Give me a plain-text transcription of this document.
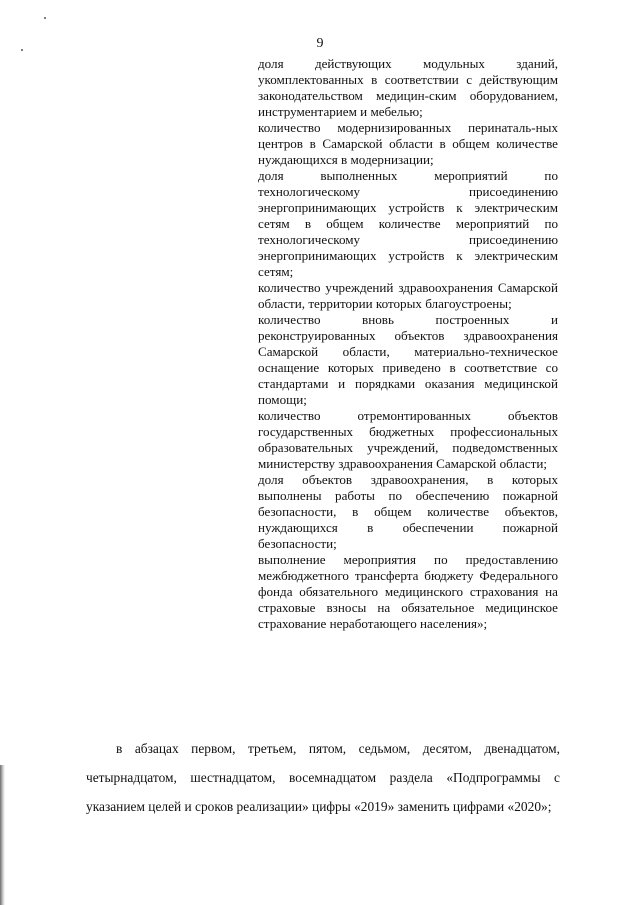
9

доля действующих модульных зданий, укомплектованных в соответствии с действующим законодательством медицин-ским оборудованием, инструментарием и мебелью;

количество модернизированных перинаталь-ных центров в Самарской области в общем количестве нуждающихся в модернизации;

доля выполненных мероприятий по технологическому присоединению энергопринимающих устройств к электрическим сетям в общем количестве мероприятий по технологическому присоединению энергопринимающих устройств к электрическим сетям;

количество учреждений здравоохранения Самарской области, территории которых благоустроены;

количество вновь построенных и реконструированных объектов здравоохранения Самарской области, материально-техническое оснащение которых приведено в соответствие со стандартами и порядками оказания медицинской помощи;

количество отремонтированных объектов государственных бюджетных профессиональных образовательных учреждений, подведомственных министерству здравоохранения Самарской области;

доля объектов здравоохранения, в которых выполнены работы по обеспечению пожарной безопасности, в общем количестве объектов, нуждающихся в обеспечении пожарной безопасности;

выполнение мероприятия по предоставлению межбюджетного трансферта бюджету Федерального фонда обязательного медицинского страхования на страховые взносы на обязательное медицинское страхование неработающего населения»;

в абзацах первом, третьем, пятом, седьмом, десятом, двенадцатом, четырнадцатом, шестнадцатом, восемнадцатом раздела «Подпрограммы с указанием целей и сроков реализации» цифры «2019» заменить цифрами «2020»;
